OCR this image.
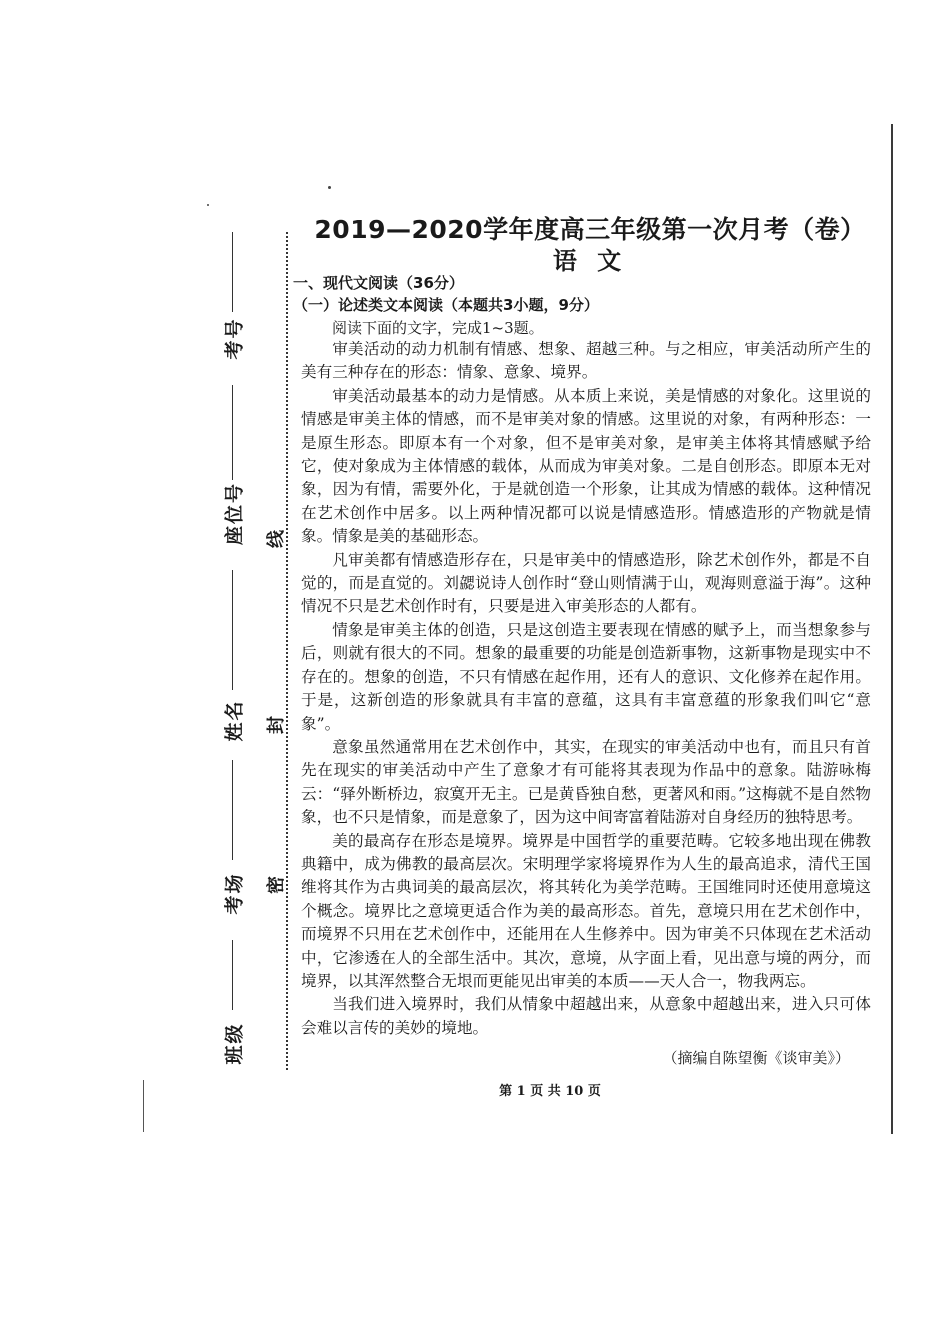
考号
座位号
姓名
考场
班级
线
封
密
2019—2020学年度高三年级第一次月考（卷）
语 文
一、现代文阅读（36分）
（一）论述类文本阅读（本题共3小题，9分）
阅读下面的文字，完成1~3题。

审美活动的动力机制有情感、想象、超越三种。与之相应，审美活动所产生的美有三种存在的形态：情象、意象、境界。

审美活动最基本的动力是情感。从本质上来说，美是情感的对象化。这里说的情感是审美主体的情感，而不是审美对象的情感。这里说的对象，有两种形态：一是原生形态。即原本有一个对象，但不是审美对象，是审美主体将其情感赋予给它，使对象成为主体情感的载体，从而成为审美对象。二是自创形态。即原本无对象，因为有情，需要外化，于是就创造一个形象，让其成为情感的载体。这种情况在艺术创作中居多。以上两种情况都可以说是情感造形。情感造形的产物就是情象。情象是美的基础形态。

凡审美都有情感造形存在，只是审美中的情感造形，除艺术创作外，都是不自觉的，而是直觉的。刘勰说诗人创作时“登山则情满于山，观海则意溢于海”。这种情况不只是艺术创作时有，只要是进入审美形态的人都有。

情象是审美主体的创造，只是这创造主要表现在情感的赋予上，而当想象参与后，则就有很大的不同。想象的最重要的功能是创造新事物，这新事物是现实中不存在的。想象的创造，不只有情感在起作用，还有人的意识、文化修养在起作用。于是，这新创造的形象就具有丰富的意蕴，这具有丰富意蕴的形象我们叫它“意象”。

意象虽然通常用在艺术创作中，其实，在现实的审美活动中也有，而且只有首先在现实的审美活动中产生了意象才有可能将其表现为作品中的意象。陆游咏梅云：“驿外断桥边，寂寞开无主。已是黄昏独自愁，更著风和雨。”这梅就不是自然物象，也不只是情象，而是意象了，因为这中间寄富着陆游对自身经历的独特思考。

美的最高存在形态是境界。境界是中国哲学的重要范畴。它较多地出现在佛教典籍中，成为佛教的最高层次。宋明理学家将境界作为人生的最高追求，清代王国维将其作为古典词美的最高层次，将其转化为美学范畴。王国维同时还使用意境这个概念。境界比之意境更适合作为美的最高形态。首先，意境只用在艺术创作中，而境界不只用在艺术创作中，还能用在人生修养中。因为审美不只体现在艺术活动中，它渗透在人的全部生活中。其次，意境，从字面上看，见出意与境的两分，而境界，以其浑然整合无垠而更能见出审美的本质——天人合一，物我两忘。

当我们进入境界时，我们从情象中超越出来，从意象中超越出来，进入只可体会难以言传的美妙的境地。

（摘编自陈望衡《谈审美》）
第 1 页 共 10 页
